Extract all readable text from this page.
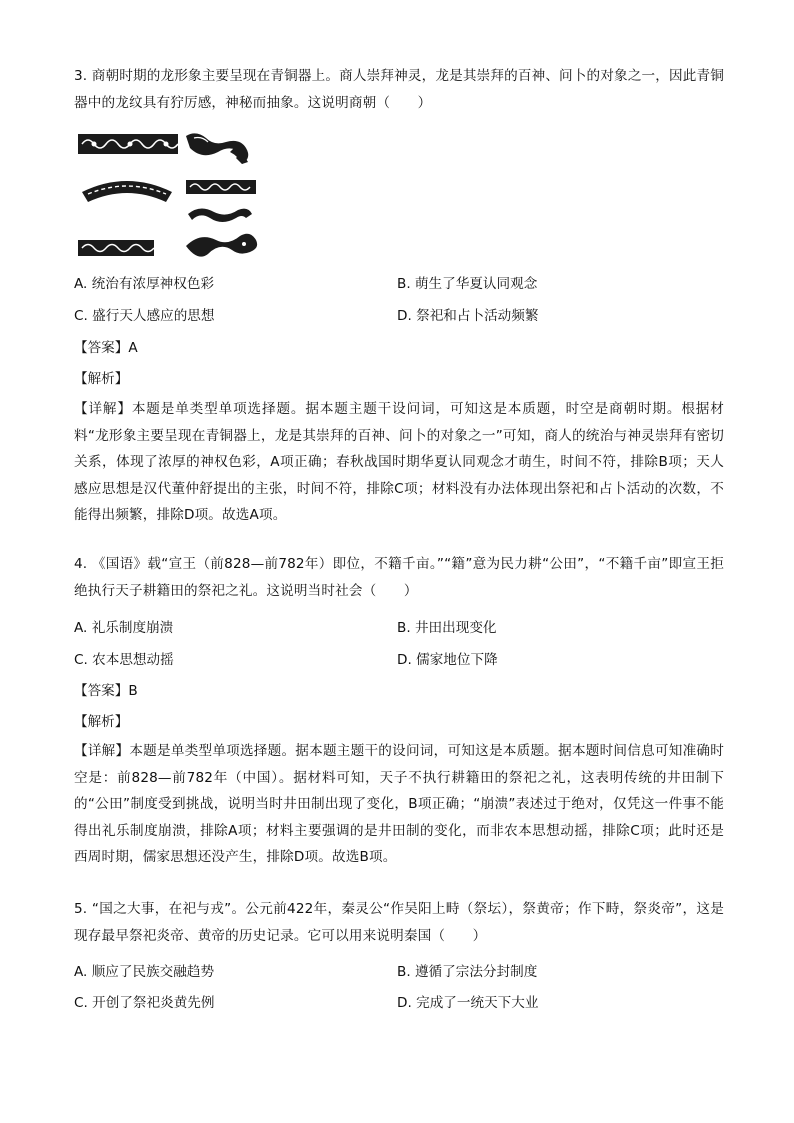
3. 商朝时期的龙形象主要呈现在青铜器上。商人崇拜神灵，龙是其崇拜的百神、问卜的对象之一，因此青铜器中的龙纹具有狞厉感，神秘而抽象。这说明商朝（　　）

A. 统治有浓厚神权色彩	B. 萌生了华夏认同观念
C. 盛行天人感应的思想	D. 祭祀和占卜活动频繁
【答案】A
【解析】

【详解】本题是单类型单项选择题。据本题主题干设问词，可知这是本质题，时空是商朝时期。根据材料“龙形象主要呈现在青铜器上，龙是其崇拜的百神、问卜的对象之一”可知，商人的统治与神灵崇拜有密切关系，体现了浓厚的神权色彩，A项正确；春秋战国时期华夏认同观念才萌生，时间不符，排除B项；天人感应思想是汉代董仲舒提出的主张，时间不符，排除C项；材料没有办法体现出祭祀和占卜活动的次数，不能得出频繁，排除D项。故选A项。

4. 《国语》载“宣王（前828—前782年）即位，不籍千亩。”“籍”意为民力耕“公田”，“不籍千亩”即宣王拒绝执行天子耕籍田的祭祀之礼。这说明当时社会（　　）

A. 礼乐制度崩溃	B. 井田出现变化
C. 农本思想动摇	D. 儒家地位下降
【答案】B
【解析】

【详解】本题是单类型单项选择题。据本题主题干的设问词，可知这是本质题。据本题时间信息可知准确时空是：前828—前782年（中国）。据材料可知，天子不执行耕籍田的祭祀之礼，这表明传统的井田制下的“公田”制度受到挑战，说明当时井田制出现了变化，B项正确；“崩溃”表述过于绝对，仅凭这一件事不能得出礼乐制度崩溃，排除A项；材料主要强调的是井田制的变化，而非农本思想动摇，排除C项；此时还是西周时期，儒家思想还没产生，排除D项。故选B项。

5. “国之大事，在祀与戎”。公元前422年，秦灵公“作吴阳上畤（祭坛），祭黄帝；作下畤，祭炎帝”，这是现存最早祭祀炎帝、黄帝的历史记录。它可以用来说明秦国（　　）

A. 顺应了民族交融趋势	B. 遵循了宗法分封制度
C. 开创了祭祀炎黄先例	D. 完成了一统天下大业
